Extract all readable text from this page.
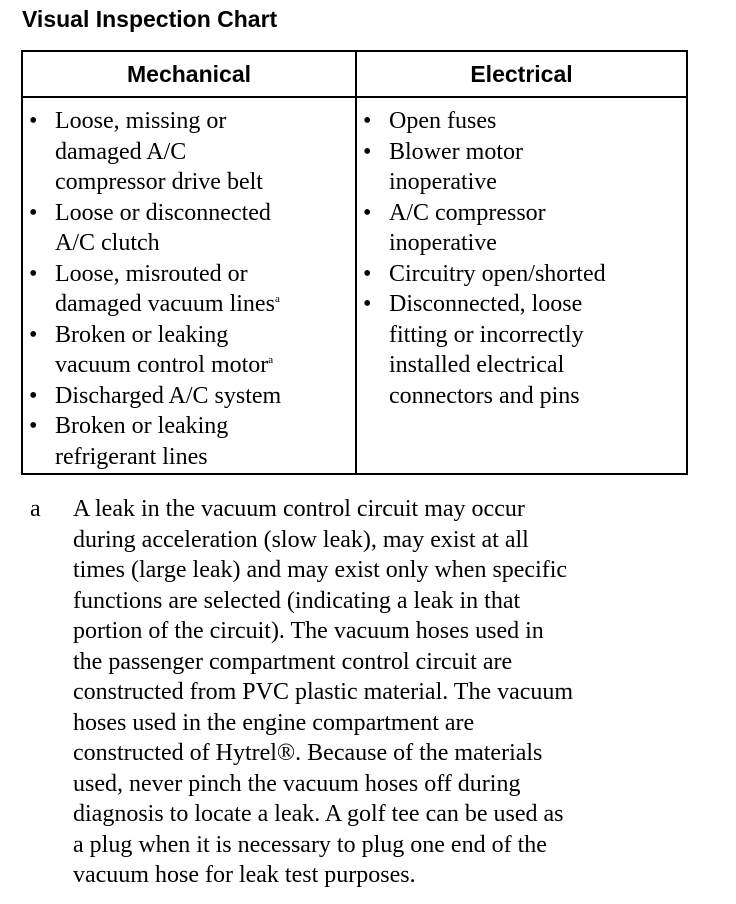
Visual Inspection Chart
Mechanical	Electrical
• Loose, missing or
damaged A/C
compressor drive belt
• Loose or disconnected
A/C clutch
• Loose, misrouted or
damaged vacuum lines$^a$
• Broken or leaking
vacuum control motor$^a$
• Discharged A/C system
• Broken or leaking
refrigerant lines
• Open fuses
• Blower motor
inoperative
• A/C compressor
inoperative
• Circuitry open/shorted
• Disconnected, loose
fitting or incorrectly
installed electrical
connectors and pins
a A leak in the vacuum control circuit may occur
during acceleration (slow leak), may exist at all
times (large leak) and may exist only when specific
functions are selected (indicating a leak in that
portion of the circuit). The vacuum hoses used in
the passenger compartment control circuit are
constructed from PVC plastic material. The vacuum
hoses used in the engine compartment are
constructed of Hytrel®. Because of the materials
used, never pinch the vacuum hoses off during
diagnosis to locate a leak. A golf tee can be used as
a plug when it is necessary to plug one end of the
vacuum hose for leak test purposes.
